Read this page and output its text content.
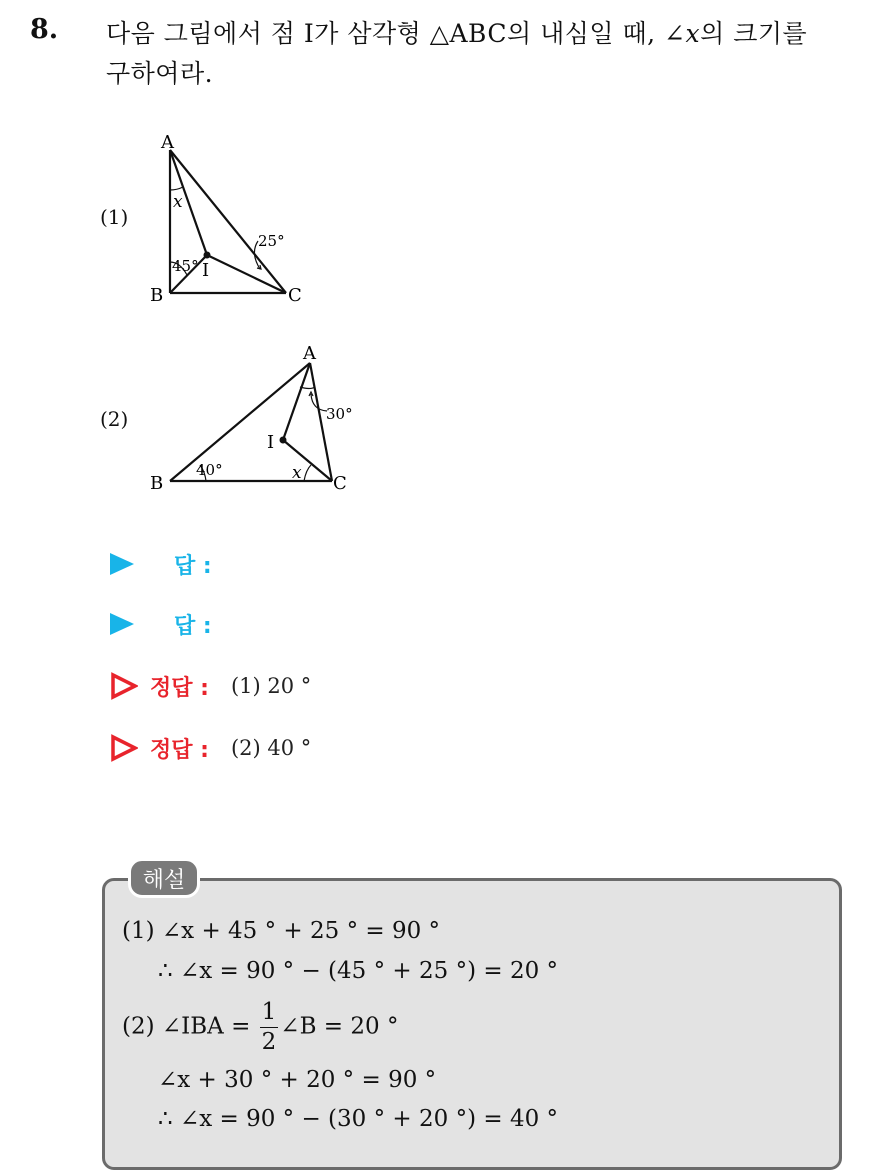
8. 다음 그림에서 점 I가 삼각형 △ABC의 내심일 때, ∠x의 크기를
구하여라.
(1)
A
B	C
I
x
45°
25°
(2)
A
B	C
I
x
40°
30°
답 :
답 :
정답 : (1) 20 °
정답 : (2) 40 °
해설
(1) ∠x + 45 ° + 25 ° = 90 °
∴ ∠x = 90 ° − (45 ° + 25 °) = 20 °
(2) ∠IBA = $\frac{1}{2}$ ∠B = 20 °
∠x + 30 ° + 20 ° = 90 °
∴ ∠x = 90 ° − (30 ° + 20 °) = 40 °
